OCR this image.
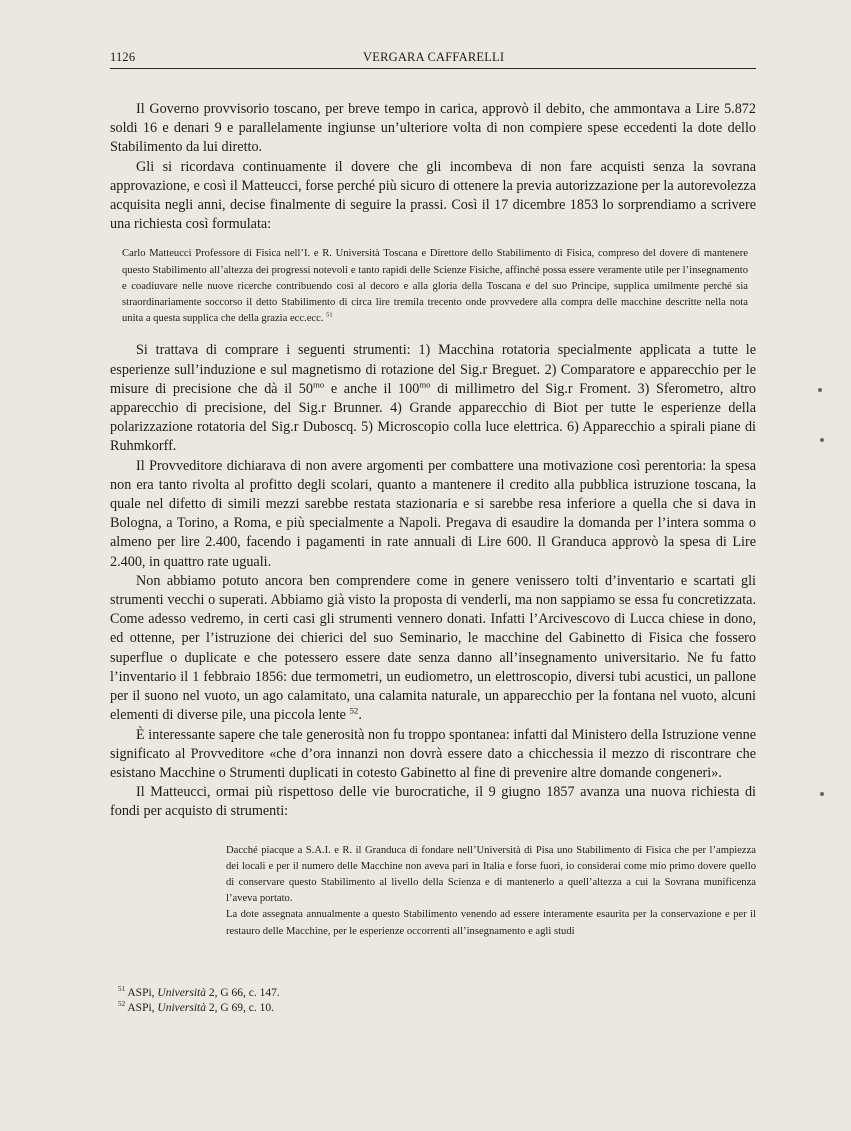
1126	VERGARA CAFFARELLI

Il Governo provvisorio toscano, per breve tempo in carica, approvò il debito, che ammontava a Lire 5.872 soldi 16 e denari 9 e parallelamente ingiunse un’ulteriore volta di non compiere spese eccedenti la dote dello Stabilimento da lui diretto.

Gli si ricordava continuamente il dovere che gli incombeva di non fare acquisti senza la sovrana approvazione, e così il Matteucci, forse perché più sicuro di ottenere la previa autorizzazione per la autorevolezza acquisita negli anni, decise finalmente di seguire la prassi. Così il 17 dicembre 1853 lo sorprendiamo a scrivere una richiesta così formulata:

Carlo Matteucci Professore di Fisica nell’I. e R. Università Toscana e Direttore dello Stabilimento di Fisica, compreso del dovere di mantenere questo Stabilimento all’altezza dei progressi notevoli e tanto rapidi delle Scienze Fisiche, affinché possa essere veramente utile per l’insegnamento e coadiuvare nelle nuove ricerche contribuendo così al decoro e alla gloria della Toscana e del suo Principe, supplica umilmente perché sia straordinariamente soccorso il detto Stabilimento di circa lire tremila trecento onde provvedere alla compra delle macchine descritte nella nota unita a questa supplica che della grazia ecc.ecc. $^{51}$

Si trattava di comprare i seguenti strumenti: 1) Macchina rotatoria specialmente applicata a tutte le esperienze sull’induzione e sul magnetismo di rotazione del Sig.r Breguet. 2) Comparatore e apparecchio per le misure di precisione che dà il $50^{mo}$ e anche il $100^{mo}$ di millimetro del Sig.r Froment. 3) Sferometro, altro apparecchio di precisione, del Sig.r Brunner. 4) Grande apparecchio di Biot per tutte le esperienze della polarizzazione rotatoria del Sig.r Duboscq. 5) Microscopio colla luce elettrica. 6) Apparecchio a spirali piane di Ruhmkorff.

Il Provveditore dichiarava di non avere argomenti per combattere una motivazione così perentoria: la spesa non era tanto rivolta al profitto degli scolari, quanto a mantenere il credito alla pubblica istruzione toscana, la quale nel difetto di simili mezzi sarebbe restata stazionaria e si sarebbe resa inferiore a quella che si dava in Bologna, a Torino, a Roma, e più specialmente a Napoli. Pregava di esaudire la domanda per l’intera somma o almeno per lire 2.400, facendo i pagamenti in rate annuali di Lire 600. Il Granduca approvò la spesa di Lire 2.400, in quattro rate uguali.

Non abbiamo potuto ancora ben comprendere come in genere venissero tolti d’inventario e scartati gli strumenti vecchi o superati. Abbiamo già visto la proposta di venderli, ma non sappiamo se essa fu concretizzata. Come adesso vedremo, in certi casi gli strumenti vennero donati. Infatti l’Arcivescovo di Lucca chiese in dono, ed ottenne, per l’istruzione dei chierici del suo Seminario, le macchine del Gabinetto di Fisica che fossero superflue o duplicate e che potessero essere date senza danno all’insegnamento universitario. Ne fu fatto l’inventario il 1 febbraio 1856: due termometri, un eudiometro, un elettroscopio, diversi tubi acustici, un pallone per il suono nel vuoto, un ago calamitato, una calamita naturale, un apparecchio per la fontana nel vuoto, alcuni elementi di diverse pile, una piccola lente $^{52}$.

È interessante sapere che tale generosità non fu troppo spontanea: infatti dal Ministero della Istruzione venne significato al Provveditore «che d’ora innanzi non dovrà essere dato a chicchessia il mezzo di riscontrare che esistano Macchine o Strumenti duplicati in cotesto Gabinetto al fine di prevenire altre domande congeneri».

Il Matteucci, ormai più rispettoso delle vie burocratiche, il 9 giugno 1857 avanza una nuova richiesta di fondi per acquisto di strumenti:

Dacché piacque a S.A.I. e R. il Granduca di fondare nell’Università di Pisa uno Stabilimento di Fisica che per l’ampiezza dei locali e per il numero delle Macchine non aveva pari in Italia e forse fuori, io considerai come mio primo dovere quello di conservare questo Stabilimento al livello della Scienza e di mantenerlo a quell’altezza a cui la Sovrana munificenza l’aveva portato.

La dote assegnata annualmente a questo Stabilimento venendo ad essere interamente esaurita per la conservazione e per il restauro delle Macchine, per le esperienze occorrenti all’insegnamento e agli studi

$^{51}$ ASPi, Università 2, G 66, c. 147.
$^{52}$ ASPi, Università 2, G 69, c. 10.
